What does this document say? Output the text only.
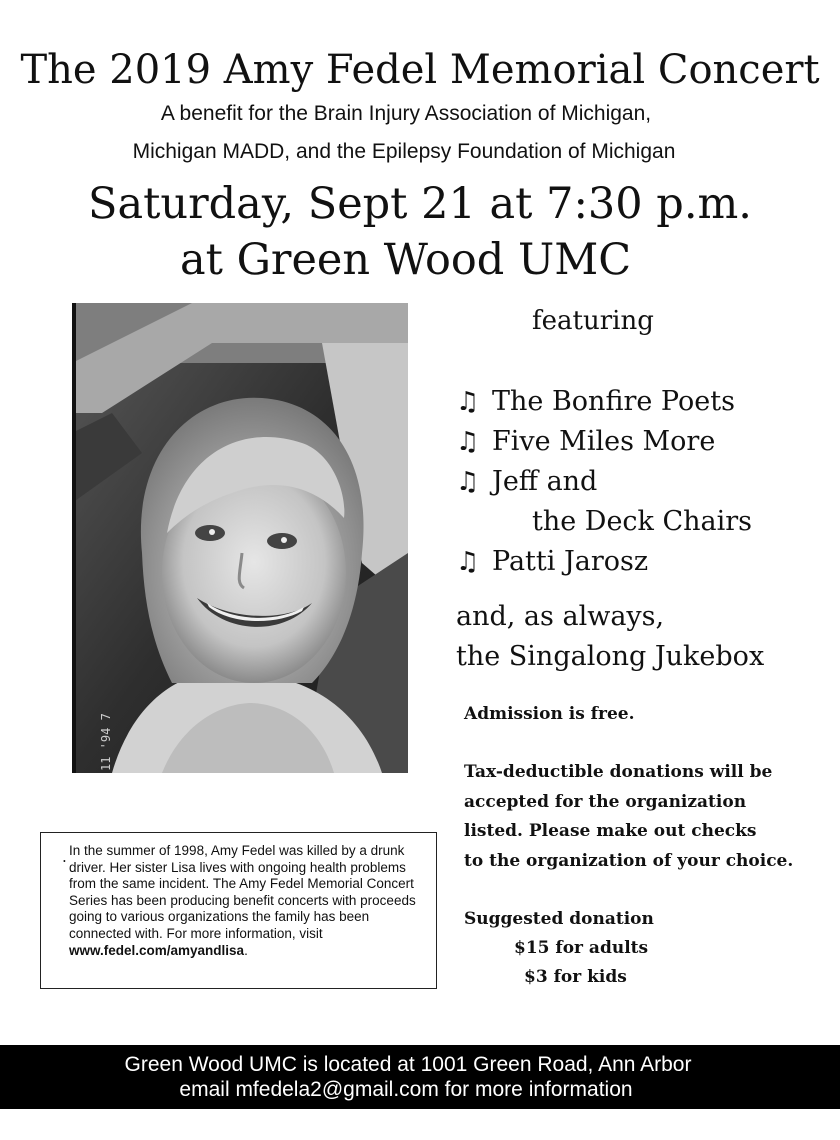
The 2019 Amy Fedel Memorial Concert
A benefit for the Brain Injury Association of Michigan,
Michigan MADD, and the Epilepsy Foundation of Michigan
Saturday, Sept 21 at 7:30 p.m.
at Green Wood UMC
11 '94 7
featuring
♫ The Bonfire Poets
♫ Five Miles More
♫ Jeff and
the Deck Chairs
♫ Patti Jarosz
and, as always,
the Singalong Jukebox
Admission is free.
Tax-deductible donations will be
accepted for the organization
listed. Please make out checks
to the organization of your choice.
Suggested donation
$15 for adults
$3 for kids
•
In the summer of 1998, Amy Fedel was killed by a drunk driver. Her sister Lisa lives with ongoing health problems from the same incident. The Amy Fedel Memorial Concert Series has been producing benefit concerts with proceeds going to various organizations the family has been connected with. For more information, visit www.fedel.com/amyandlisa.
Green Wood UMC is located at 1001 Green Road, Ann Arbor
email mfedela2@gmail.com for more information
